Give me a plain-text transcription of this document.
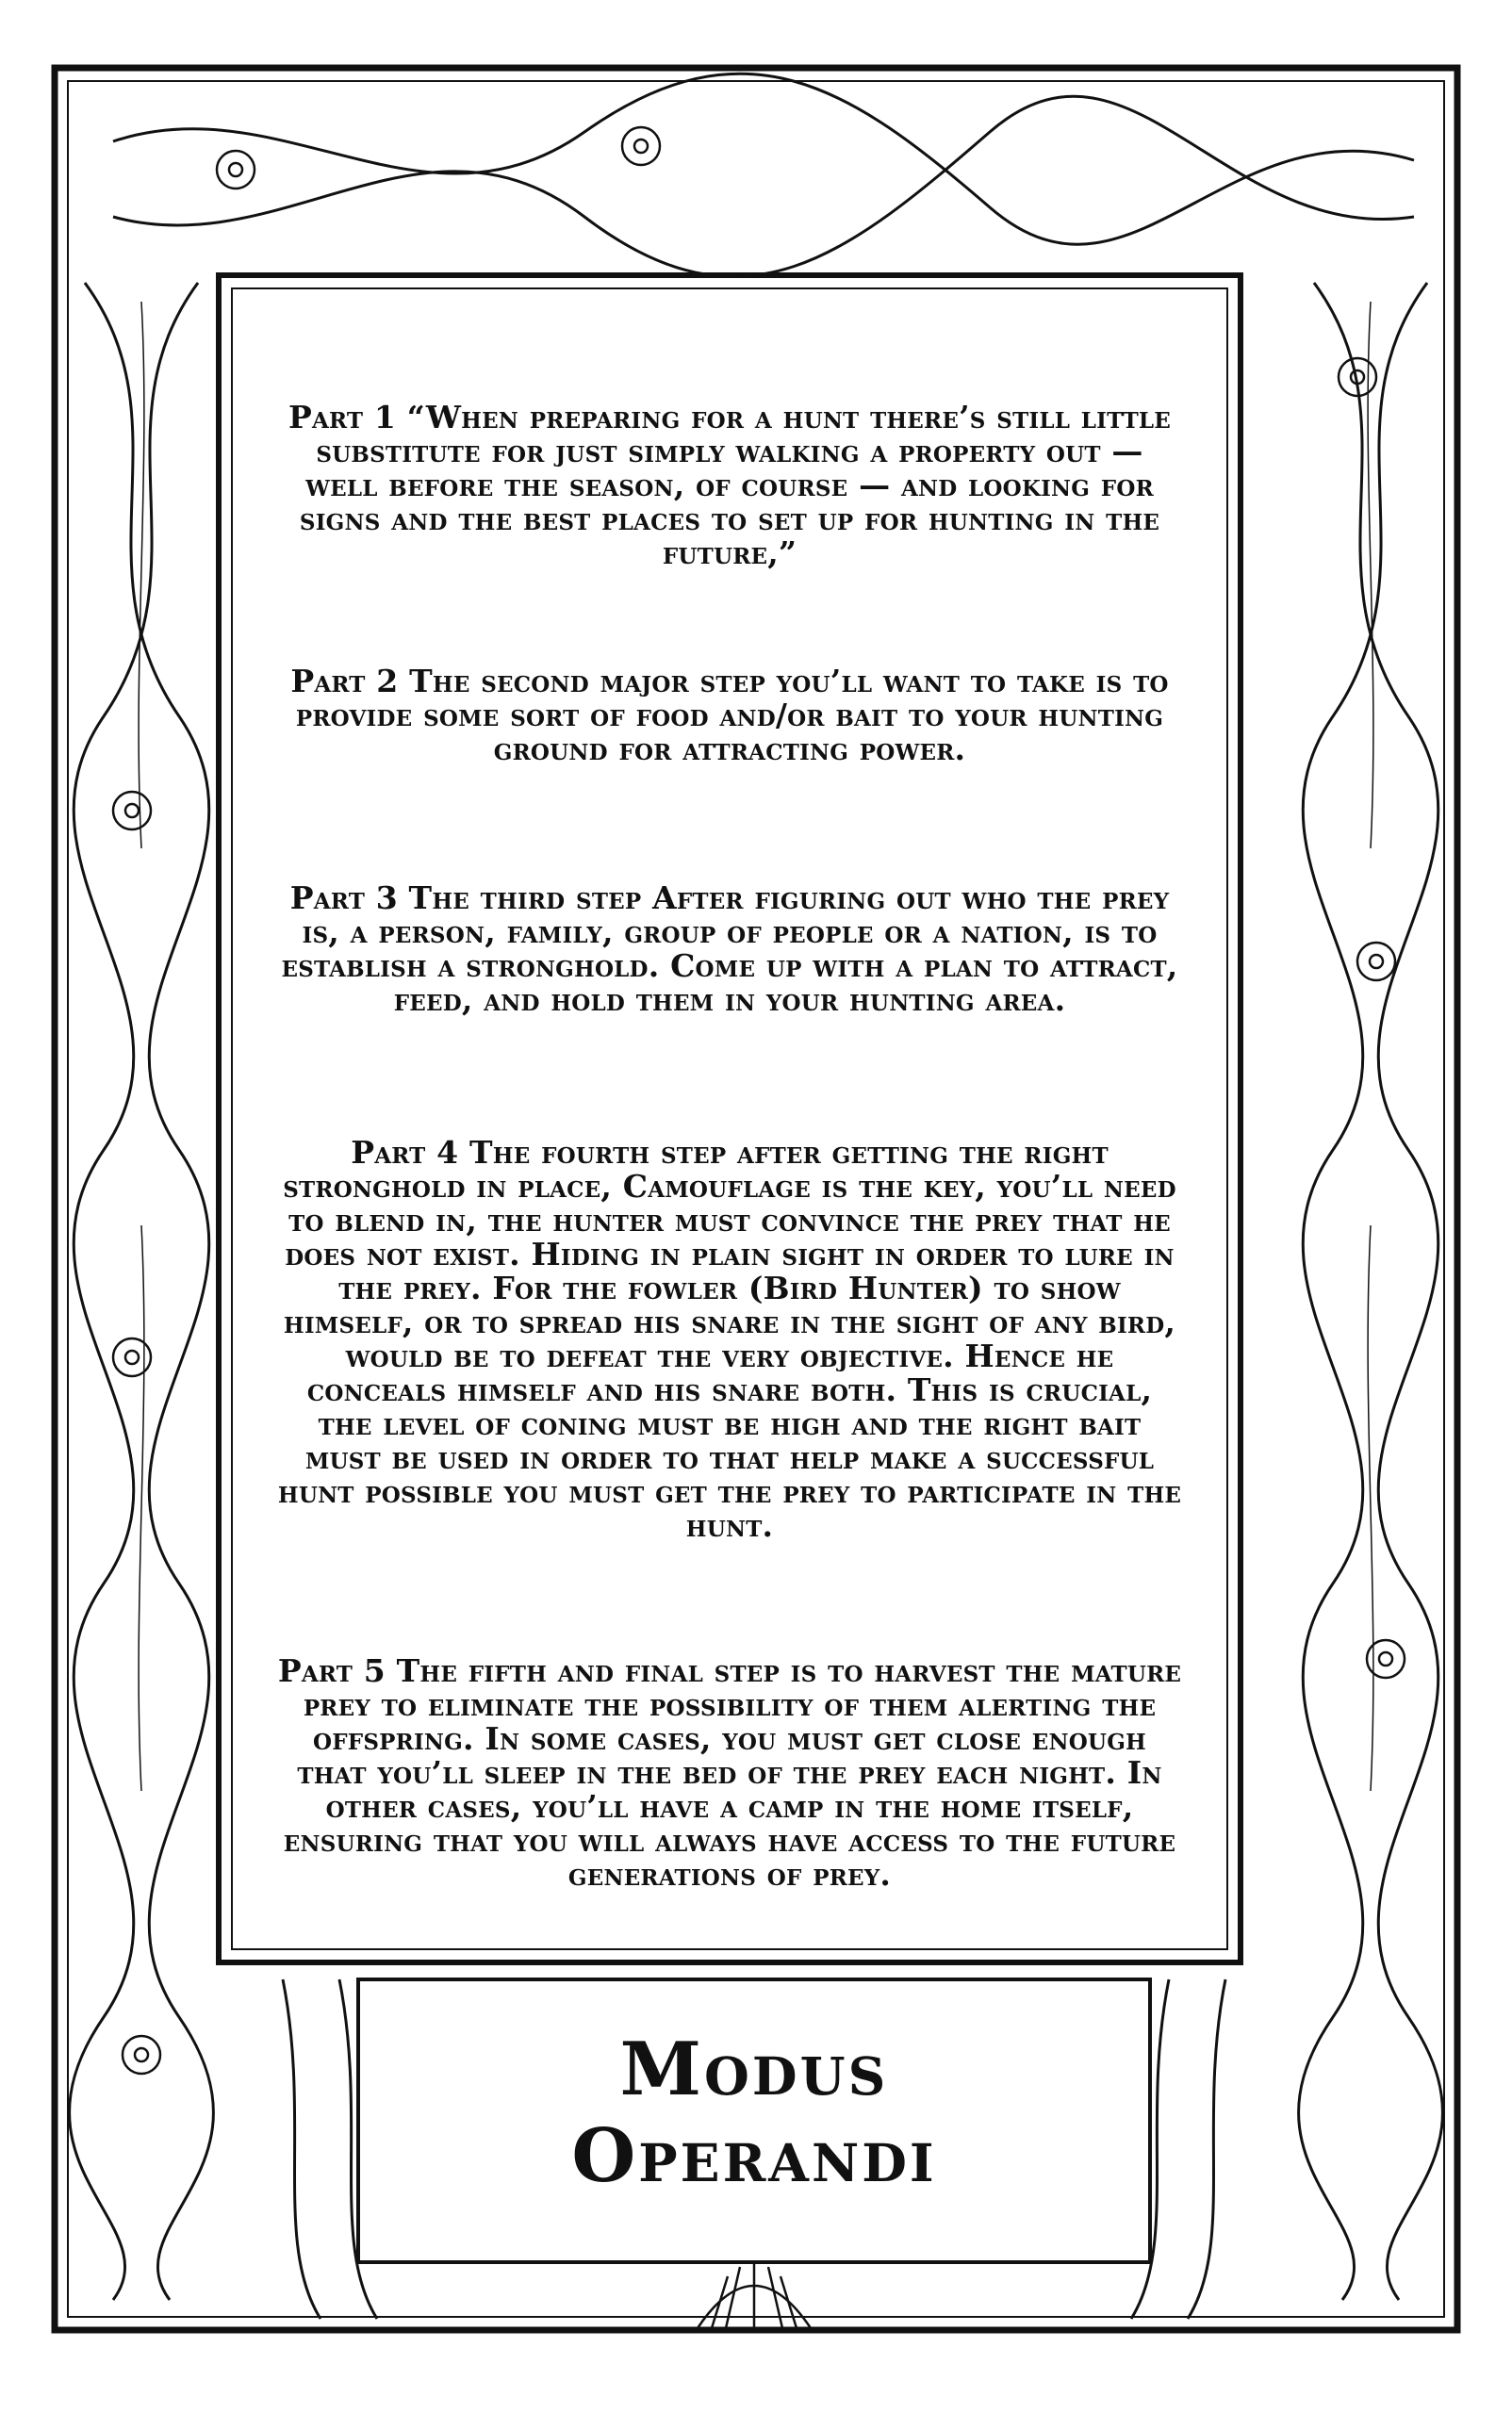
Part 1 “When preparing for a hunt there’s still little substitute for just simply walking a property out — well before the season, of course — and looking for signs and the best places to set up for hunting in the future,”

Part 2 The second major step you’ll want to take is to provide some sort of food and/or bait to your hunting ground for attracting power.

Part 3 The third step After figuring out who the prey is, a person, family, group of people or a nation, is to establish a stronghold. Come up with a plan to attract, feed, and hold them in your hunting area.

Part 4 The fourth step after getting the right stronghold in place, Camouflage is the key, you’ll need to blend in, the hunter must convince the prey that he does not exist. Hiding in plain sight in order to lure in the prey. For the fowler (Bird Hunter) to show himself, or to spread his snare in the sight of any bird, would be to defeat the very objective. Hence he conceals himself and his snare both. This is crucial, the level of coning must be high and the right bait must be used in order to that help make a successful hunt possible you must get the prey to participate in the hunt.

Part 5 The fifth and final step is to harvest the mature prey to eliminate the possibility of them alerting the offspring. In some cases, you must get close enough that you’ll sleep in the bed of the prey each night. In other cases, you’ll have a camp in the home itself, ensuring that you will always have access to the future generations of prey.

Modus
Operandi
